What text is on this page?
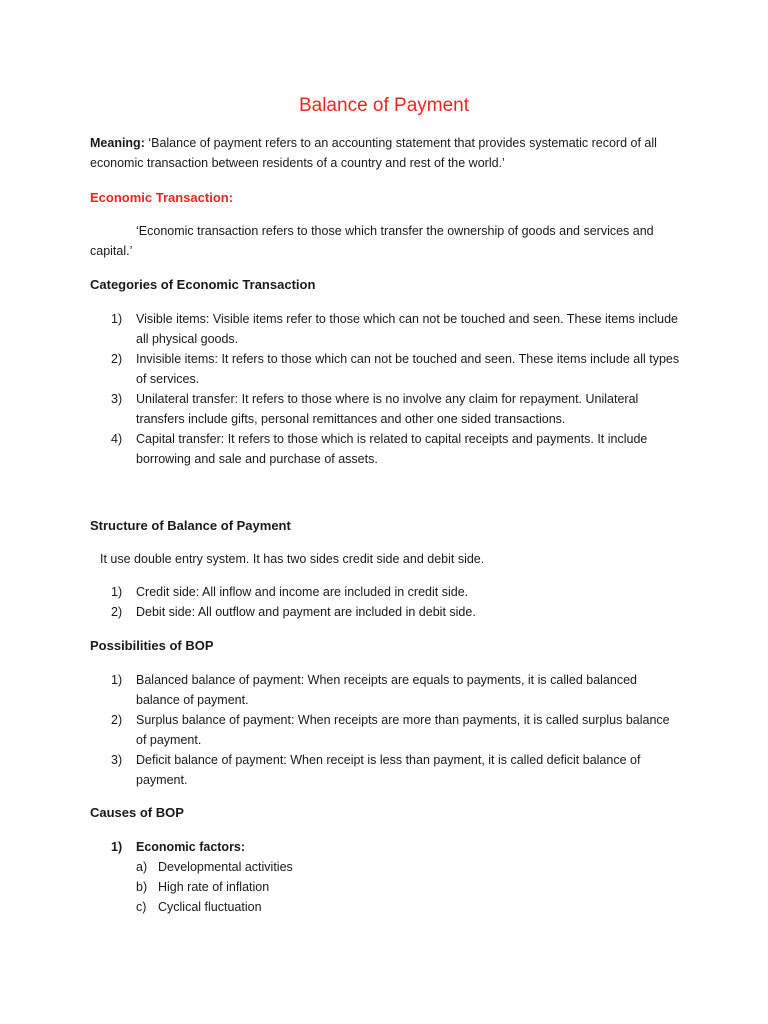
Balance of Payment
Meaning: ‘Balance of payment refers to an accounting statement that provides systematic record of all economic transaction between residents of a country and rest of the world.’
Economic Transaction:
‘Economic transaction refers to those which transfer the ownership of goods and services and capital.’
Categories of Economic Transaction
1) Visible items: Visible items refer to those which can not be touched and seen. These items include all physical goods.
2) Invisible items: It refers to those which can not be touched and seen. These items include all types of services.
3) Unilateral transfer: It refers to those where is no involve any claim for repayment. Unilateral transfers include gifts, personal remittances and other one sided transactions.
4) Capital transfer: It refers to those which is related to capital receipts and payments. It include borrowing and sale and purchase of assets.
Structure of Balance of Payment
It use double entry system. It has two sides credit side and debit side.
1) Credit side: All inflow and income are included in credit side.
2) Debit side: All outflow and payment are included in debit side.
Possibilities of BOP
1) Balanced balance of payment: When receipts are equals to payments, it is called balanced balance of payment.
2) Surplus balance of payment: When receipts are more than payments, it is called surplus balance of payment.
3) Deficit balance of payment: When receipt is less than payment, it is called deficit balance of payment.
Causes of BOP
1) Economic factors:
a) Developmental activities
b) High rate of inflation
c) Cyclical fluctuation
